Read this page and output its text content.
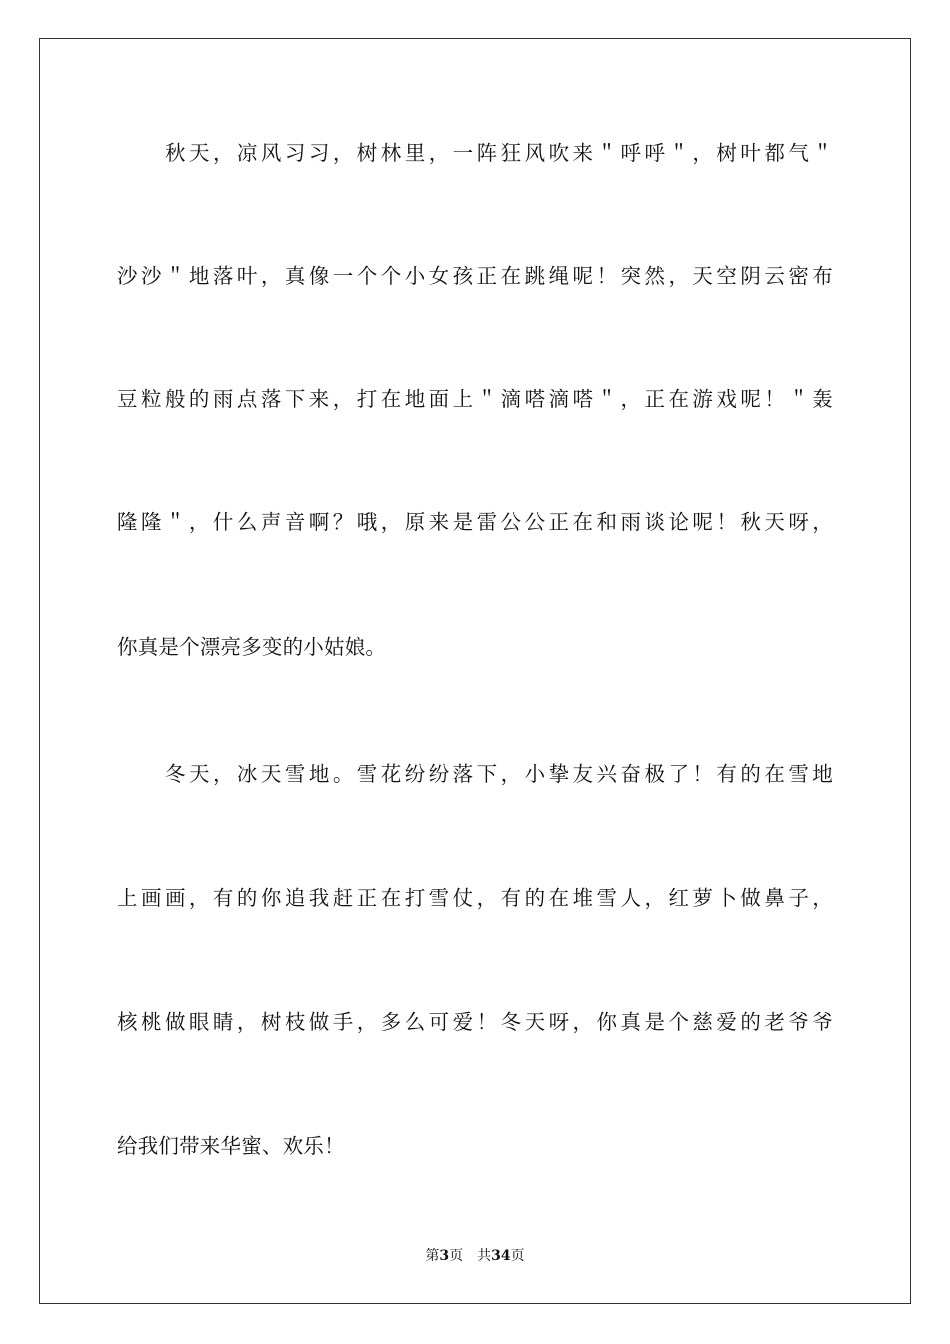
秋天，凉风习习，树林里，一阵狂风吹来＂呼呼＂，树叶都气＂
沙沙＂地落叶，真像一个个小女孩正在跳绳呢！突然，天空阴云密布
豆粒般的雨点落下来，打在地面上＂滴嗒滴嗒＂，正在游戏呢！＂轰
隆隆＂，什么声音啊？哦，原来是雷公公正在和雨谈论呢！秋天呀，
你真是个漂亮多变的小姑娘。
冬天，冰天雪地。雪花纷纷落下，小挚友兴奋极了！有的在雪地
上画画，有的你追我赶正在打雪仗，有的在堆雪人，红萝卜做鼻子，
核桃做眼睛，树枝做手，多么可爱！冬天呀，你真是个慈爱的老爷爷
给我们带来华蜜、欢乐！
第3页 共34页
